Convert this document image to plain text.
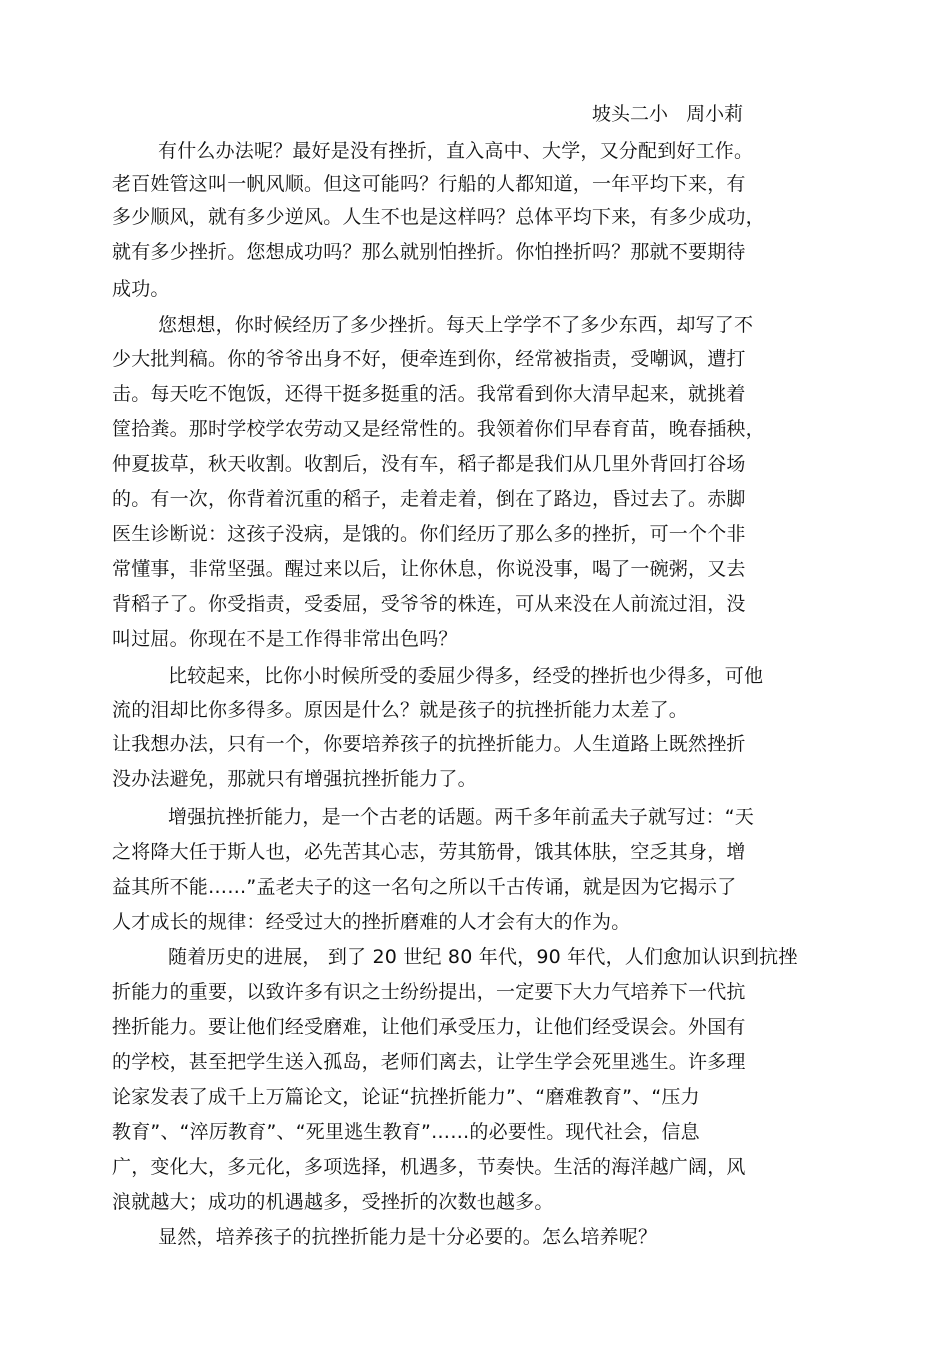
坡头二小   周小莉
有什么办法呢？最好是没有挫折，直入高中、大学，又分配到好工作。
老百姓管这叫一帆风顺。但这可能吗？行船的人都知道，一年平均下来，有
多少顺风，就有多少逆风。人生不也是这样吗？总体平均下来，有多少成功，
就有多少挫折。您想成功吗？那么就别怕挫折。你怕挫折吗？那就不要期待
成功。
您想想，你时候经历了多少挫折。每天上学学不了多少东西，却写了不
少大批判稿。你的爷爷出身不好，便牵连到你，经常被指责，受嘲讽，遭打
击。每天吃不饱饭，还得干挺多挺重的活。我常看到你大清早起来，就挑着
筐拾粪。那时学校学农劳动又是经常性的。我领着你们早春育苗，晚春插秧，
仲夏拔草，秋天收割。收割后，没有车，稻子都是我们从几里外背回打谷场
的。有一次，你背着沉重的稻子，走着走着，倒在了路边，昏过去了。赤脚
医生诊断说：这孩子没病，是饿的。你们经历了那么多的挫折，可一个个非
常懂事，非常坚强。醒过来以后，让你休息，你说没事，喝了一碗粥，又去
背稻子了。你受指责，受委屈，受爷爷的株连，可从来没在人前流过泪，没
叫过屈。你现在不是工作得非常出色吗？
比较起来，比你小时候所受的委屈少得多，经受的挫折也少得多，可他
流的泪却比你多得多。原因是什么？就是孩子的抗挫折能力太差了。
让我想办法，只有一个，你要培养孩子的抗挫折能力。人生道路上既然挫折
没办法避免，那就只有增强抗挫折能力了。
增强抗挫折能力，是一个古老的话题。两千多年前孟夫子就写过：“天
之将降大任于斯人也，必先苦其心志，劳其筋骨，饿其体肤，空乏其身，增
益其所不能……”孟老夫子的这一名句之所以千古传诵，就是因为它揭示了
人才成长的规律：经受过大的挫折磨难的人才会有大的作为。
随着历史的进展， 到了 20 世纪 80 年代，90 年代，人们愈加认识到抗挫
折能力的重要，以致许多有识之士纷纷提出，一定要下大力气培养下一代抗
挫折能力。要让他们经受磨难，让他们承受压力，让他们经受误会。外国有
的学校，甚至把学生送入孤岛，老师们离去，让学生学会死里逃生。许多理
论家发表了成千上万篇论文，论证“抗挫折能力”、“磨难教育”、“压力
教育”、“淬厉教育”、“死里逃生教育”……的必要性。现代社会，信息
广，变化大，多元化，多项选择，机遇多，节奏快。生活的海洋越广阔，风
浪就越大；成功的机遇越多，受挫折的次数也越多。
显然，培养孩子的抗挫折能力是十分必要的。怎么培养呢？
